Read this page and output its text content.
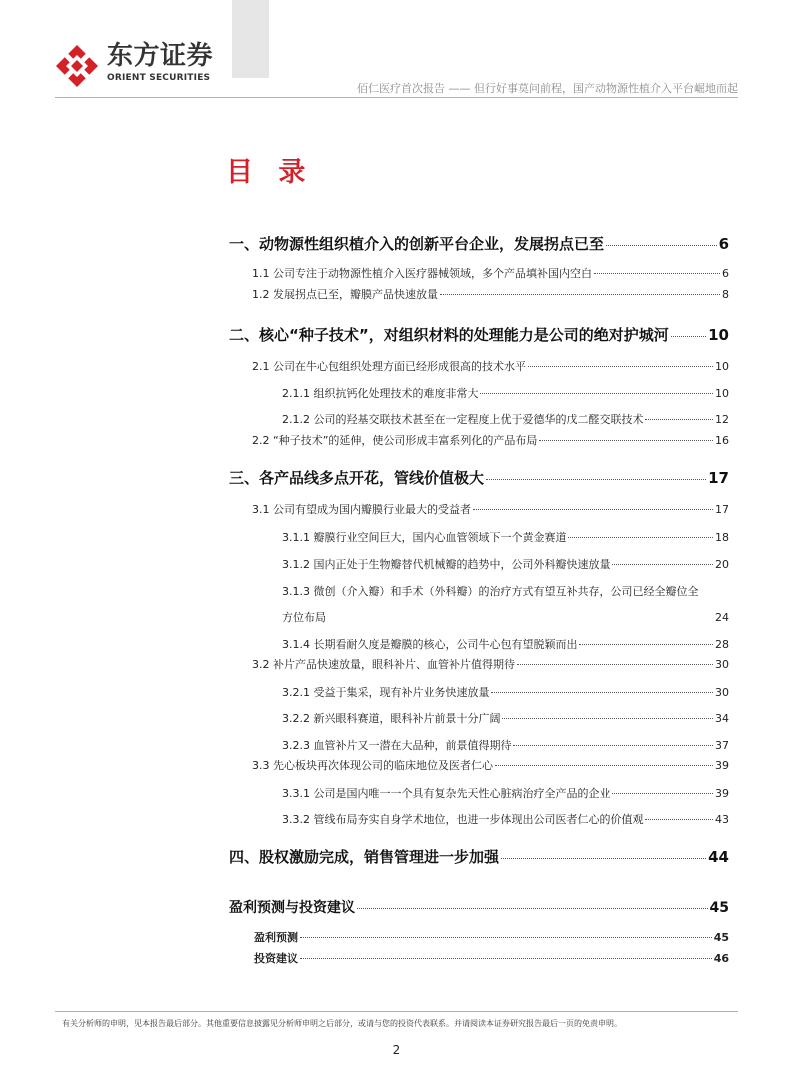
东方证券
ORIENT SECURITIES
佰仁医疗首次报告 —— 但行好事莫问前程，国产动物源性植介入平台崛地而起
目 录
一、动物源性组织植介入的创新平台企业，发展拐点已至	6
1.1 公司专注于动物源性植介入医疗器械领域，多个产品填补国内空白	6
1.2 发展拐点已至，瓣膜产品快速放量	8
二、核心“种子技术”，对组织材料的处理能力是公司的绝对护城河	10
2.1 公司在牛心包组织处理方面已经形成很高的技术水平	10
2.1.1 组织抗钙化处理技术的难度非常大	10
2.1.2 公司的羟基交联技术甚至在一定程度上优于爱德华的戊二醛交联技术	12
2.2 “种子技术”的延伸，使公司形成丰富系列化的产品布局	16
三、各产品线多点开花，管线价值极大	17
3.1 公司有望成为国内瓣膜行业最大的受益者	17
3.1.1 瓣膜行业空间巨大，国内心血管领域下一个黄金赛道	18
3.1.2 国内正处于生物瓣替代机械瓣的趋势中，公司外科瓣快速放量	20
3.1.3 微创（介入瓣）和手术（外科瓣）的治疗方式有望互补共存，公司已经全瓣位全
方位布局	24
3.1.4 长期看耐久度是瓣膜的核心，公司牛心包有望脱颖而出	28
3.2 补片产品快速放量，眼科补片、血管补片值得期待	30
3.2.1 受益于集采，现有补片业务快速放量	30
3.2.2 新兴眼科赛道，眼科补片前景十分广阔	34
3.2.3 血管补片又一潜在大品种，前景值得期待	37
3.3 先心板块再次体现公司的临床地位及医者仁心	39
3.3.1 公司是国内唯一一个具有复杂先天性心脏病治疗全产品的企业	39
3.3.2 管线布局夯实自身学术地位，也进一步体现出公司医者仁心的价值观	43
四、股权激励完成，销售管理进一步加强	44
盈利预测与投资建议	45
盈利预测	45
投资建议	46
有关分析师的申明，见本报告最后部分。其他重要信息披露见分析师申明之后部分，或请与您的投资代表联系。并请阅读本证券研究报告最后一页的免责申明。
2
